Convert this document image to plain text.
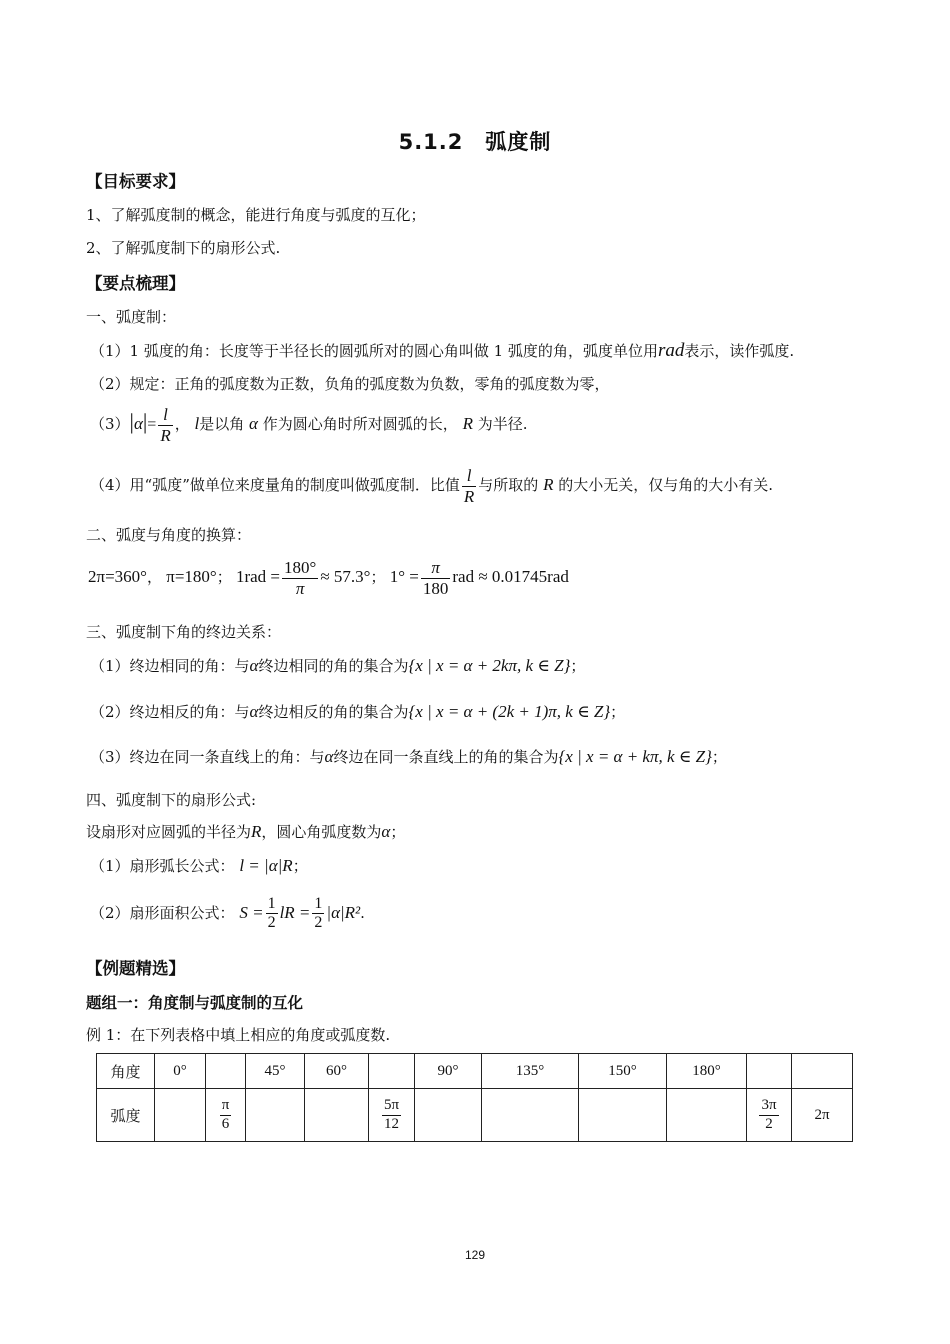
5.1.2　弧度制
【目标要求】
1、了解弧度制的概念，能进行角度与弧度的互化；
2、了解弧度制下的扇形公式.
【要点梳理】
一、弧度制：
（1）1 弧度的角：长度等于半径长的圆弧所对的圆心角叫做 1 弧度的角，弧度单位用rad表示，读作弧度.
（2）规定：正角的弧度数为正数，负角的弧度数为负数，零角的弧度数为零，
$(3)|\alpha|= \frac{l}{R}$ ， l是以角 α 作为圆心角时所对圆弧的长， R 为半径.
（4）用“弧度”做单位来度量角的制度叫做弧度制．比值 $\frac{l}{R}$ 与所取的 R 的大小无关，仅与角的大小有关.
二、弧度与角度的换算：
2π=360°， π=180°； $1rad = \frac{180^\circ}{\pi} \approx 57.3^\circ$； $1^\circ = \frac{\pi}{180}$ rad ≈ 0.01745rad
三、弧度制下角的终边关系：
（1）终边相同的角：与α终边相同的角的集合为{x | x = α + 2kπ, k ∈ Z}；
（2）终边相反的角：与α终边相反的角的集合为{x | x = α + (2k + 1)π, k ∈ Z}；
（3）终边在同一条直线上的角：与α终边在同一条直线上的角的集合为{x | x = α + kπ, k ∈ Z}；
四、弧度制下的扇形公式:
设扇形对应圆弧的半径为R，圆心角弧度数为α；
（1）扇形弧长公式： l = |α|R；
（2）扇形面积公式： $S = \frac{1}{2}$ lR = $\frac{1}{2} |\alpha|R^2$.
【例题精选】
题组一：角度制与弧度制的互化
例 1：在下列表格中填上相应的角度或弧度数.
角度	0°		45°	60°		90°	135°	150°	180°		
弧度		$\frac{\pi}{6}$			$\frac{5\pi}{12}$					$\frac{3\pi}{2}$	2π
129
